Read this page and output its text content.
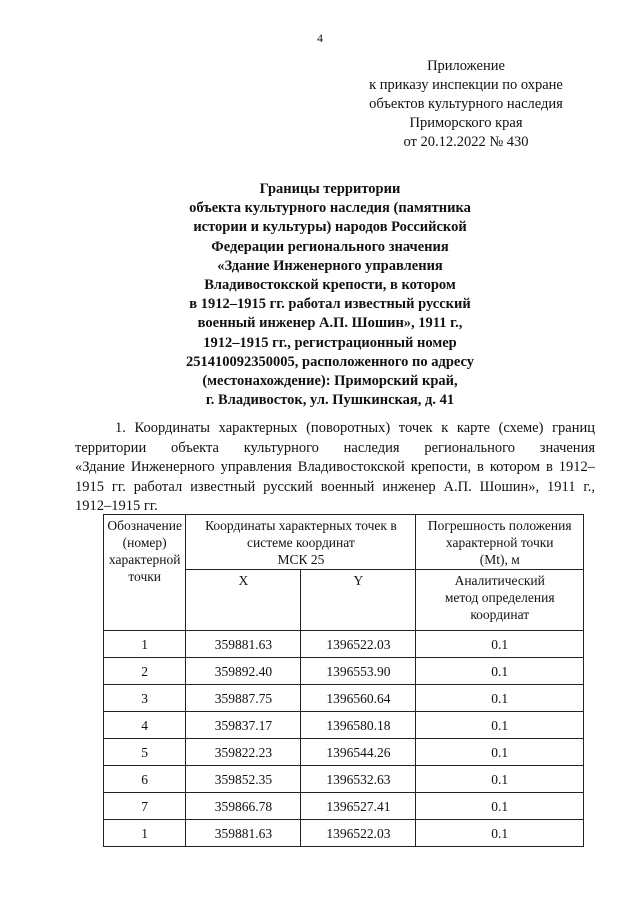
4
Приложение
к приказу инспекции по охране
объектов культурного наследия
Приморского края
от 20.12.2022 № 430
Границы территории
объекта культурного наследия (памятника
истории и культуры) народов Российской
Федерации регионального значения
«Здание Инженерного управления
Владивостокской крепости, в котором
в 1912–1915 гг. работал известный русский
военный инженер А.П. Шошин», 1911 г.,
1912–1915 гг., регистрационный номер
251410092350005, расположенного по адресу
(местонахождение): Приморский край,
г. Владивосток, ул. Пушкинская, д. 41
1. Координаты характерных (поворотных) точек к карте (схеме) границ
территории объекта культурного наследия регионального значения
«Здание Инженерного управления Владивостокской крепости, в котором в 1912–
1915 гг. работал известный русский военный инженер А.П. Шошин», 1911 г.,
1912–1915 гг.
Обозначение
(номер)
характерной
точки	Координаты характерных точек в
системе координат
МСК 25		Погрешность положения
характерной точки
(Mt), м

	X	Y	Аналитический
метод определения
координат

1	359881.63	1396522.03	0.1
2	359892.40	1396553.90	0.1
3	359887.75	1396560.64	0.1
4	359837.17	1396580.18	0.1
5	359822.23	1396544.26	0.1
6	359852.35	1396532.63	0.1
7	359866.78	1396527.41	0.1
1	359881.63	1396522.03	0.1
